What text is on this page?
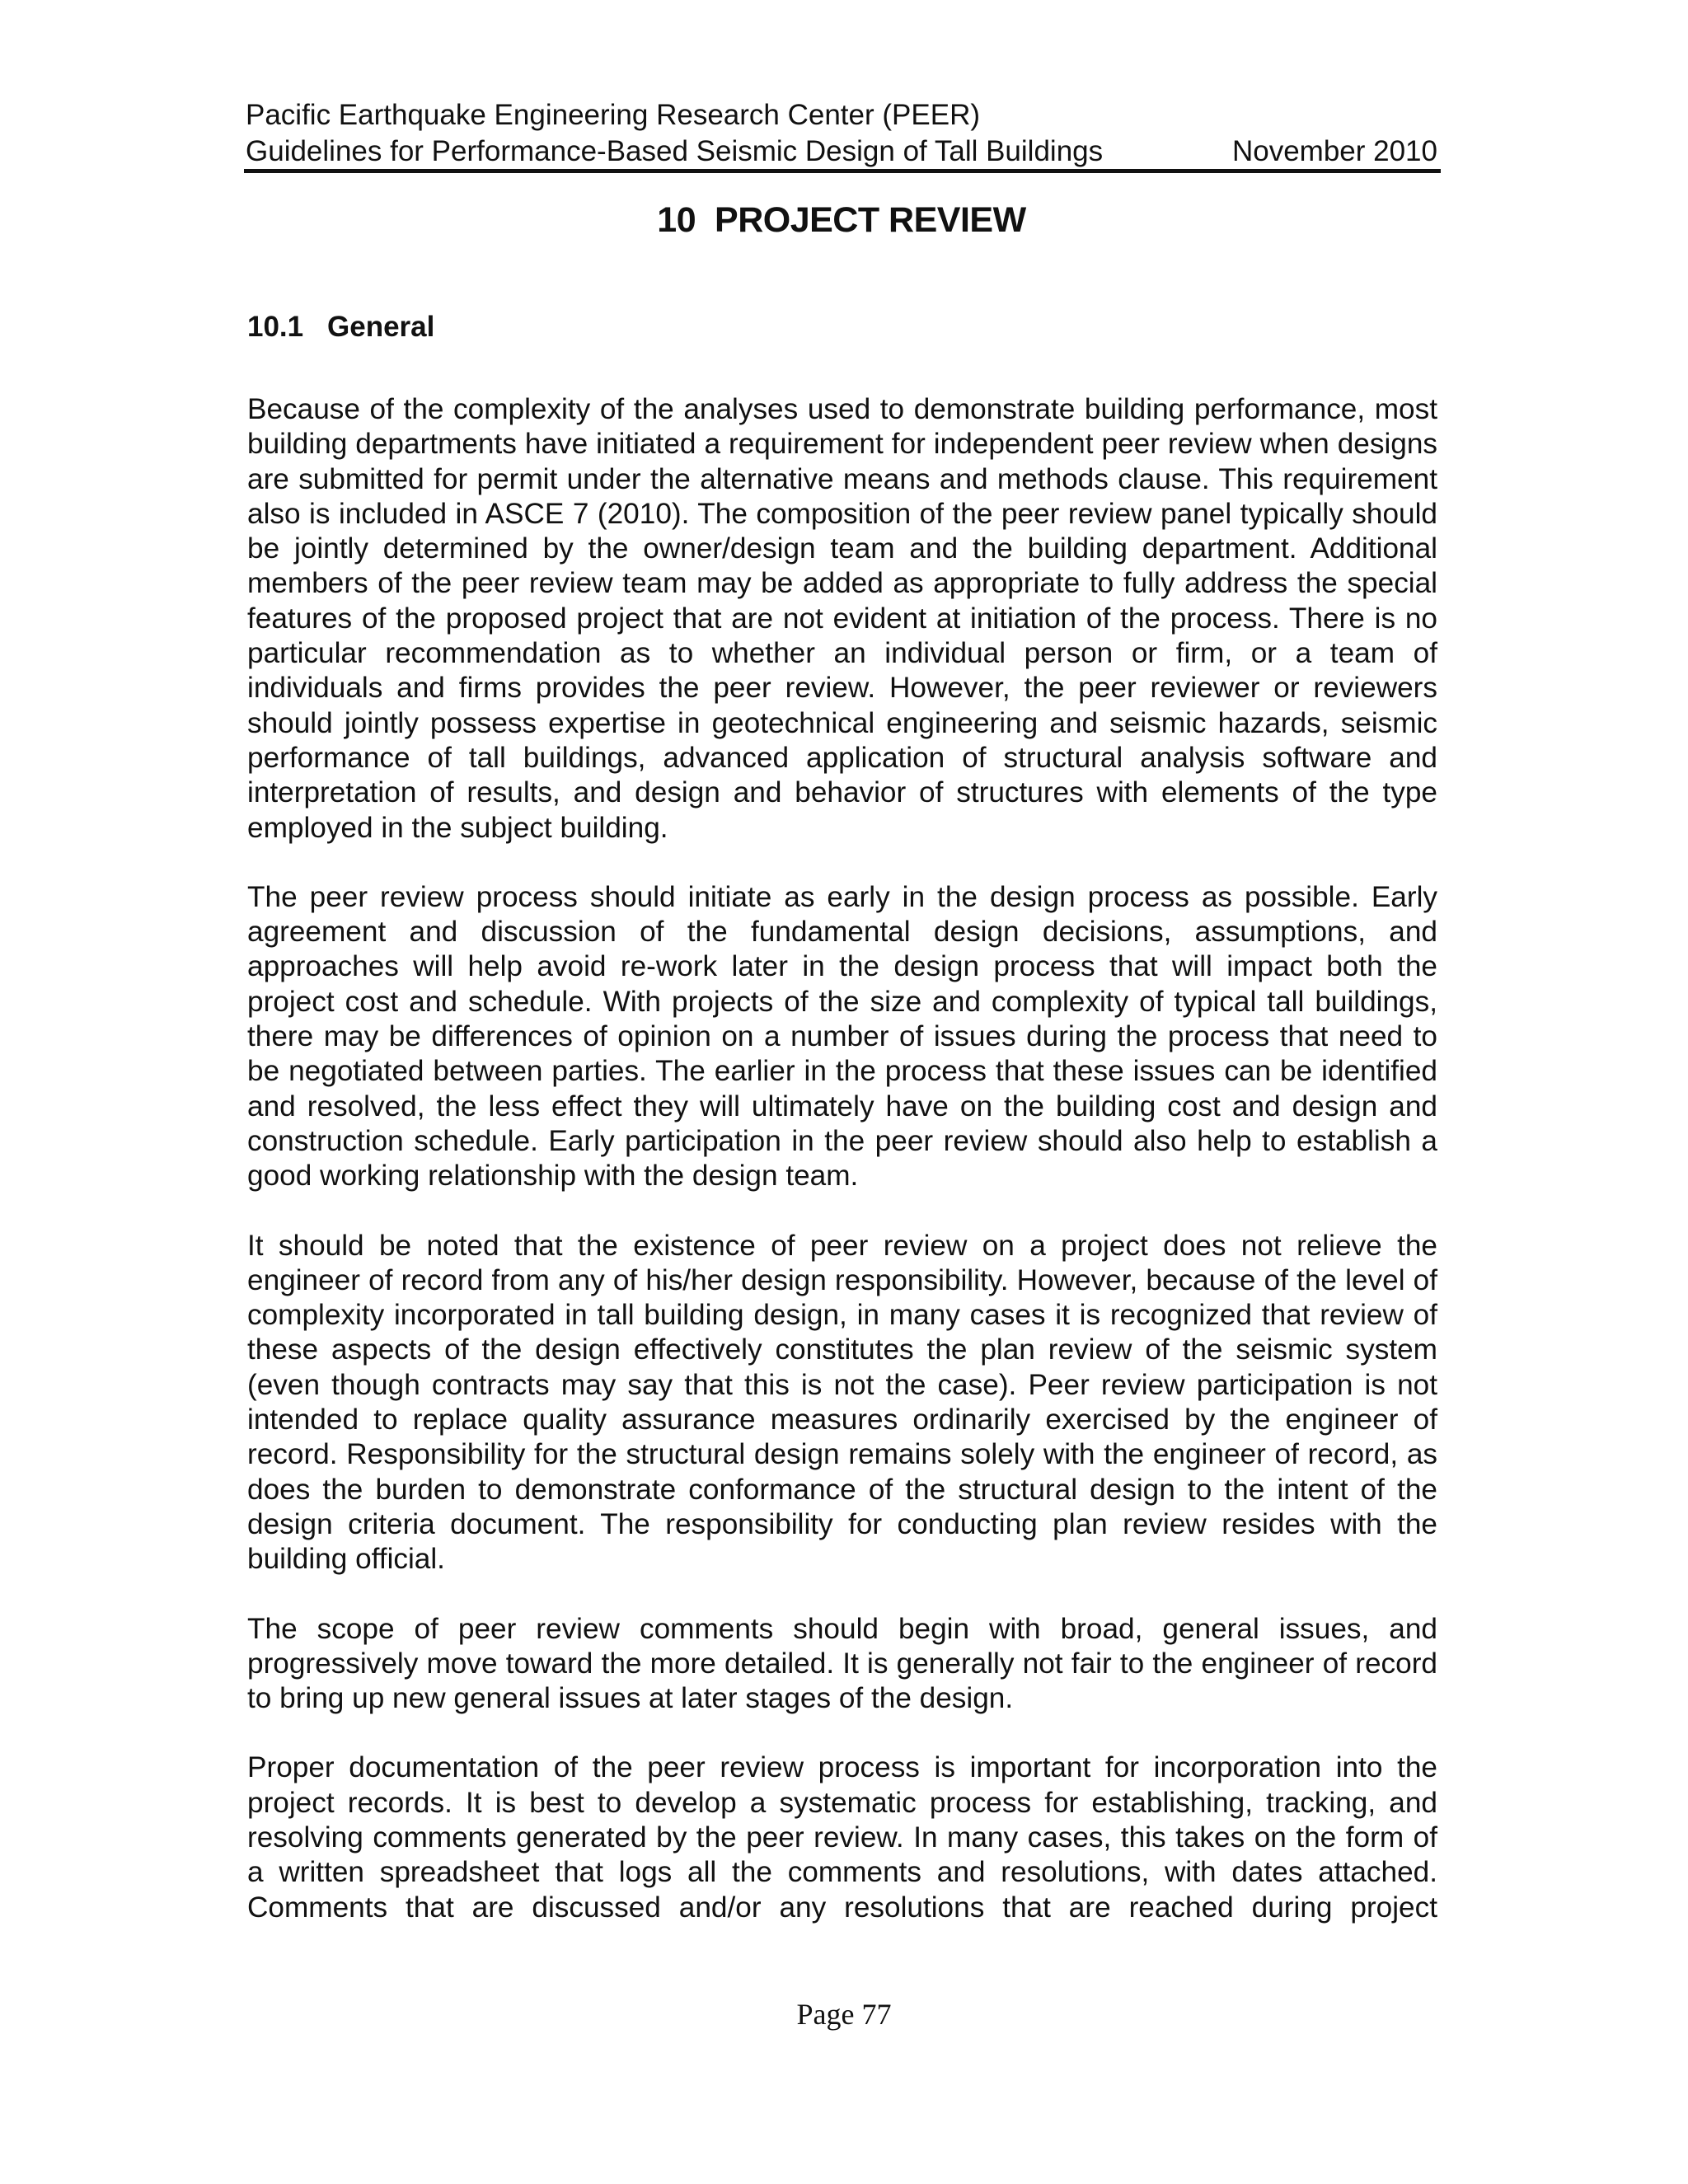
Pacific Earthquake Engineering Research Center (PEER)
Guidelines for Performance-Based Seismic Design of Tall Buildings	November 2010
10  PROJECT REVIEW
10.1 General

Because of the complexity of the analyses used to demonstrate building performance, most building departments have initiated a requirement for independent peer review when designs are submitted for permit under the alternative means and methods clause. This requirement also is included in ASCE 7 (2010). The composition of the peer review panel typically should be jointly determined by the owner/design team and the building department. Additional members of the peer review team may be added as appropriate to fully address the special features of the proposed project that are not evident at initiation of the process. There is no particular recommendation as to whether an individual person or firm, or a team of individuals and firms provides the peer review. However, the peer reviewer or reviewers should jointly possess expertise in geotechnical engineering and seismic hazards, seismic performance of tall buildings, advanced application of structural analysis software and interpretation of results, and design and behavior of structures with elements of the type employed in the subject building.

The peer review process should initiate as early in the design process as possible. Early agreement and discussion of the fundamental design decisions, assumptions, and approaches will help avoid re-work later in the design process that will impact both the project cost and schedule. With projects of the size and complexity of typical tall buildings, there may be differences of opinion on a number of issues during the process that need to be negotiated between parties. The earlier in the process that these issues can be identified and resolved, the less effect they will ultimately have on the building cost and design and construction schedule. Early participation in the peer review should also help to establish a good working relationship with the design team.

It should be noted that the existence of peer review on a project does not relieve the engineer of record from any of his/her design responsibility. However, because of the level of complexity incorporated in tall building design, in many cases it is recognized that review of these aspects of the design effectively constitutes the plan review of the seismic system (even though contracts may say that this is not the case). Peer review participation is not intended to replace quality assurance measures ordinarily exercised by the engineer of record. Responsibility for the structural design remains solely with the engineer of record, as does the burden to demonstrate conformance of the structural design to the intent of the design criteria document. The responsibility for conducting plan review resides with the building official.

The scope of peer review comments should begin with broad, general issues, and progressively move toward the more detailed. It is generally not fair to the engineer of record to bring up new general issues at later stages of the design.

Proper documentation of the peer review process is important for incorporation into the project records. It is best to develop a systematic process for establishing, tracking, and resolving comments generated by the peer review. In many cases, this takes on the form of a written spreadsheet that logs all the comments and resolutions, with dates attached. Comments that are discussed and/or any resolutions that are reached during project

Page 77
